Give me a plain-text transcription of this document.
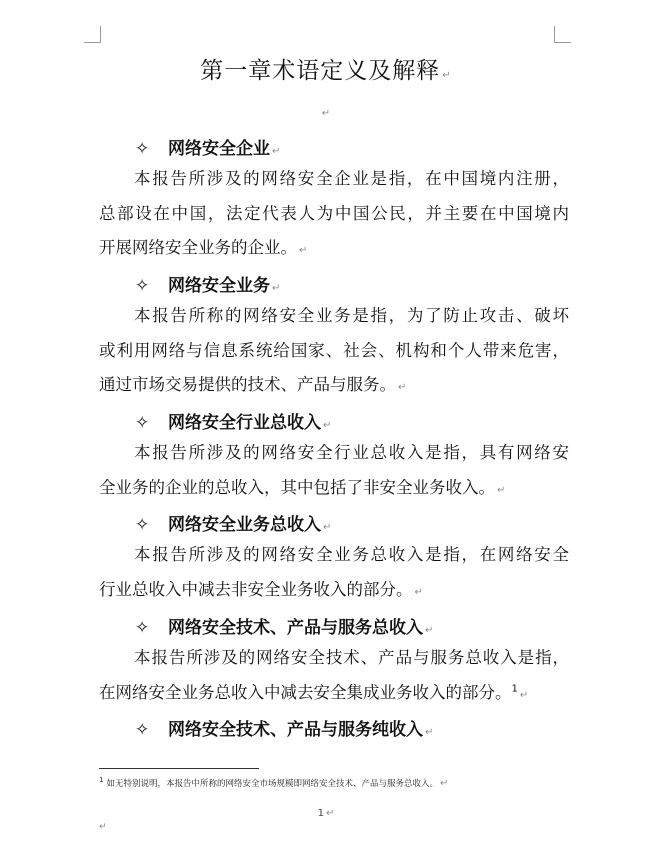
第一章术语定义及解释 ↵
↵
✧ 网络安全企业 ↵
本报告所涉及的网络安全企业是指，在中国境内注册，
总部设在中国，法定代表人为中国公民，并主要在中国境内
开展网络安全业务的企业。 ↵
✧ 网络安全业务 ↵
本报告所称的网络安全业务是指，为了防止攻击、破坏
或利用网络与信息系统给国家、社会、机构和个人带来危害，
通过市场交易提供的技术、产品与服务。 ↵
✧ 网络安全行业总收入 ↵
本报告所涉及的网络安全行业总收入是指，具有网络安
全业务的企业的总收入，其中包括了非安全业务收入。 ↵
✧ 网络安全业务总收入 ↵
本报告所涉及的网络安全业务总收入是指，在网络安全
行业总收入中减去非安全业务收入的部分。 ↵
✧ 网络安全技术、产品与服务总收入 ↵
本报告所涉及的网络安全技术、产品与服务总收入是指，
在网络安全业务总收入中减去安全集成业务收入的部分。$^1$↵
✧ 网络安全技术、产品与服务纯收入 ↵

$^1$ 如无特别说明，本报告中所称的网络安全市场规模即网络安全技术、产品与服务总收入。 ↵

1 ↵
↵
